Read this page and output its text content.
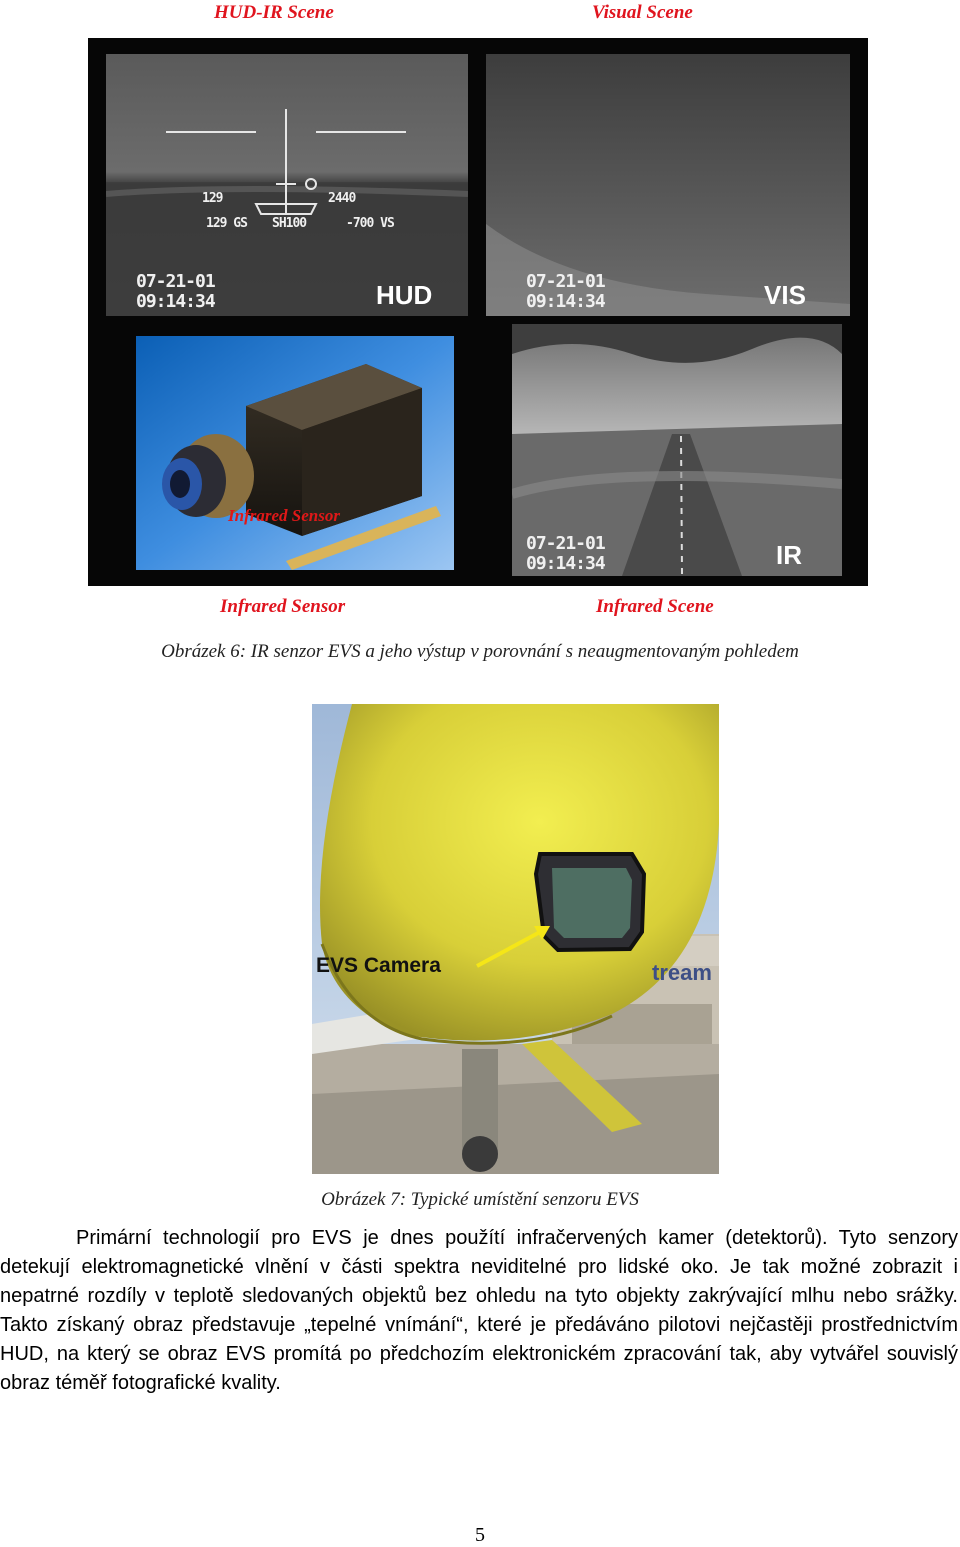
HUD-IR Scene	Visual Scene
129	2440
129 GS SH100	-700 VS
07-21-01
09:14:34	HUD	07-21-01
09:14:34	VIS
Infrared Sensor
07-21-01
09:14:34	IR
Infrared Sensor	Infrared Scene
Obrázek 6: IR senzor EVS a jeho výstup v porovnání s neaugmentovaným pohledem
EVS Camera	tream
Obrázek 7: Typické umístění senzoru EVS

Primární technologií pro EVS je dnes použítí infračervených kamer (detektorů). Tyto senzory detekují elektromagnetické vlnění v části spektra neviditelné pro lidské oko. Je tak možné zobrazit i nepatrné rozdíly v teplotě sledovaných objektů bez ohledu na tyto objekty zakrývající mlhu nebo srážky. Takto získaný obraz představuje „tepelné vnímání“, které je předáváno pilotovi nejčastěji prostřednictvím HUD, na který se obraz EVS promítá po předchozím elektronickém zpracování tak, aby vytvářel souvislý obraz téměř fotografické kvality.

5
